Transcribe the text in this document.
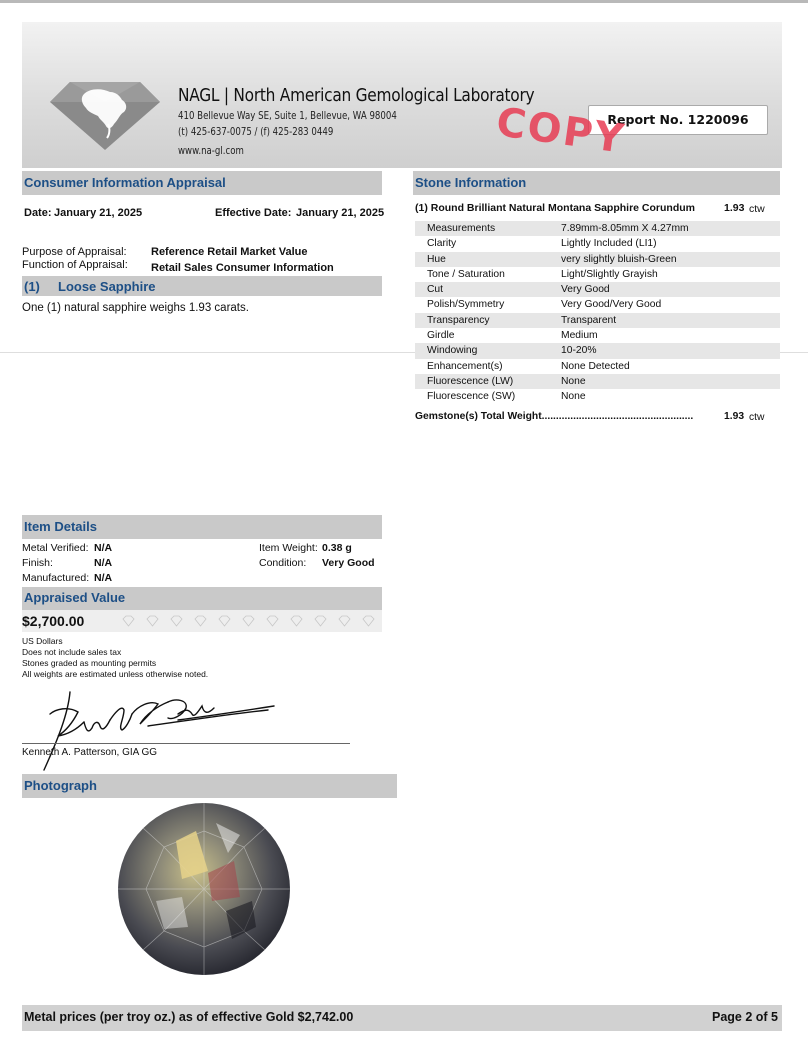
NAGL | North American Gemological Laboratory
410 Bellevue Way SE, Suite 1, Bellevue, WA 98004
(t) 425-637-0075 / (f) 425-283 0449
www.na-gl.com
Report No. 1220096
COPY
Consumer Information Appraisal
Date: January 21, 2025	Effective Date: January 21, 2025
Purpose of Appraisal: Reference Retail Market Value
Function of Appraisal: Retail Sales Consumer Information
(1) Loose Sapphire
One (1) natural sapphire weighs 1.93 carats.
Stone Information
(1) Round Brilliant Natural Montana Sapphire Corundum	1.93 ctw
Measurements	7.89mm-8.05mm X 4.27mm
Clarity	Lightly Included (LI1)
Hue	very slightly bluish-Green
Tone / Saturation	Light/Slightly Grayish
Cut	Very Good
Polish/Symmetry	Very Good/Very Good
Transparency	Transparent
Girdle	Medium
Windowing	10-20%
Enhancement(s)	None Detected
Fluorescence (LW)	None
Fluorescence (SW)	None
Gemstone(s) Total Weight.....................................................	1.93 ctw
Item Details
Metal Verified: N/A
Finish:	N/A
Manufactured: N/A
Item Weight: 0.38 g
Condition: Very Good
Appraised Value
$2,700.00
US Dollars
Does not include sales tax
Stones graded as mounting permits
All weights are estimated unless otherwise noted.
Kenneth A. Patterson, GIA GG
Photograph
Metal prices (per troy oz.) as of effective Gold $2,742.00	Page 2 of 5
